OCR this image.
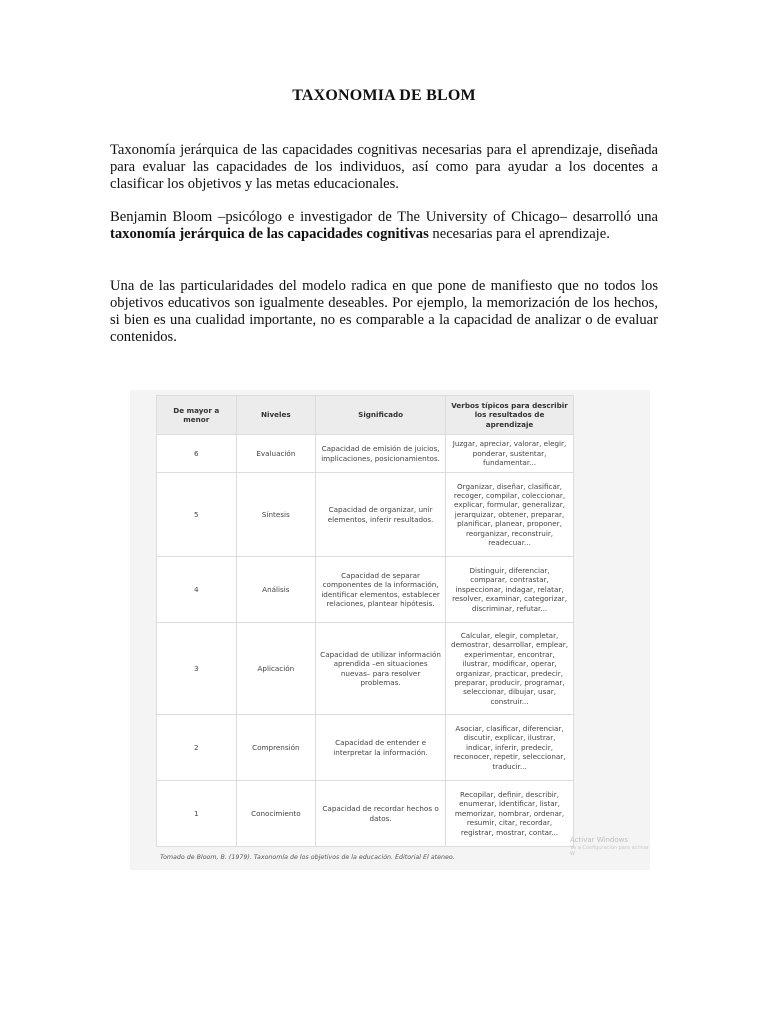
TAXONOMIA DE BLOM

Taxonomía jerárquica de las capacidades cognitivas necesarias para el aprendizaje, diseñada para evaluar las capacidades de los individuos, así como para ayudar a los docentes a clasificar los objetivos y las metas educacionales.

Benjamin Bloom –psicólogo e investigador de The University of Chicago– desarrolló una taxonomía jerárquica de las capacidades cognitivas necesarias para el aprendizaje.

Una de las particularidades del modelo radica en que pone de manifiesto que no todos los objetivos educativos son igualmente deseables. Por ejemplo, la memorización de los hechos, si bien es una cualidad importante, no es comparable a la capacidad de analizar o de evaluar contenidos.

De mayor a menor	Niveles	Significado	Verbos típicos para describir los resultados de aprendizaje
6	Evaluación	Capacidad de emisión de juicios, implicaciones, posicionamientos.	Juzgar, apreciar, valorar, elegir, ponderar, sustentar, fundamentar...
5	Síntesis	Capacidad de organizar, unir elementos, inferir resultados.	Organizar, diseñar, clasificar, recoger, compilar, coleccionar, explicar, formular, generalizar, jerarquizar, obtener, preparar, planificar, planear, proponer, reorganizar, reconstruir, readecuar...
4	Análisis	Capacidad de separar componentes de la información, identificar elementos, establecer relaciones, plantear hipótesis.	Distinguir, diferenciar, comparar, contrastar, inspeccionar, indagar, relatar, resolver, examinar, categorizar, discriminar, refutar...
3	Aplicación	Capacidad de utilizar información aprendida –en situaciones nuevas– para resolver problemas.	Calcular, elegir, completar, demostrar, desarrollar, emplear, experimentar, encontrar, ilustrar, modificar, operar, organizar, practicar, predecir, preparar, producir, programar, seleccionar, dibujar, usar, construir...
2	Comprensión	Capacidad de entender e interpretar la información.	Asociar, clasificar, diferenciar, discutir, explicar, ilustrar, indicar, inferir, predecir, reconocer, repetir, seleccionar, traducir...
1	Conocimiento	Capacidad de recordar hechos o datos.	Recopilar, definir, describir, enumerar, identificar, listar, memorizar, nombrar, ordenar, resumir, citar, recordar, registrar, mostrar, contar...
Activar Windows
Ve a Configuración para activar W
Tomado de Bloom, B. (1979). Taxonomía de los objetivos de la educación. Editorial El ateneo.
